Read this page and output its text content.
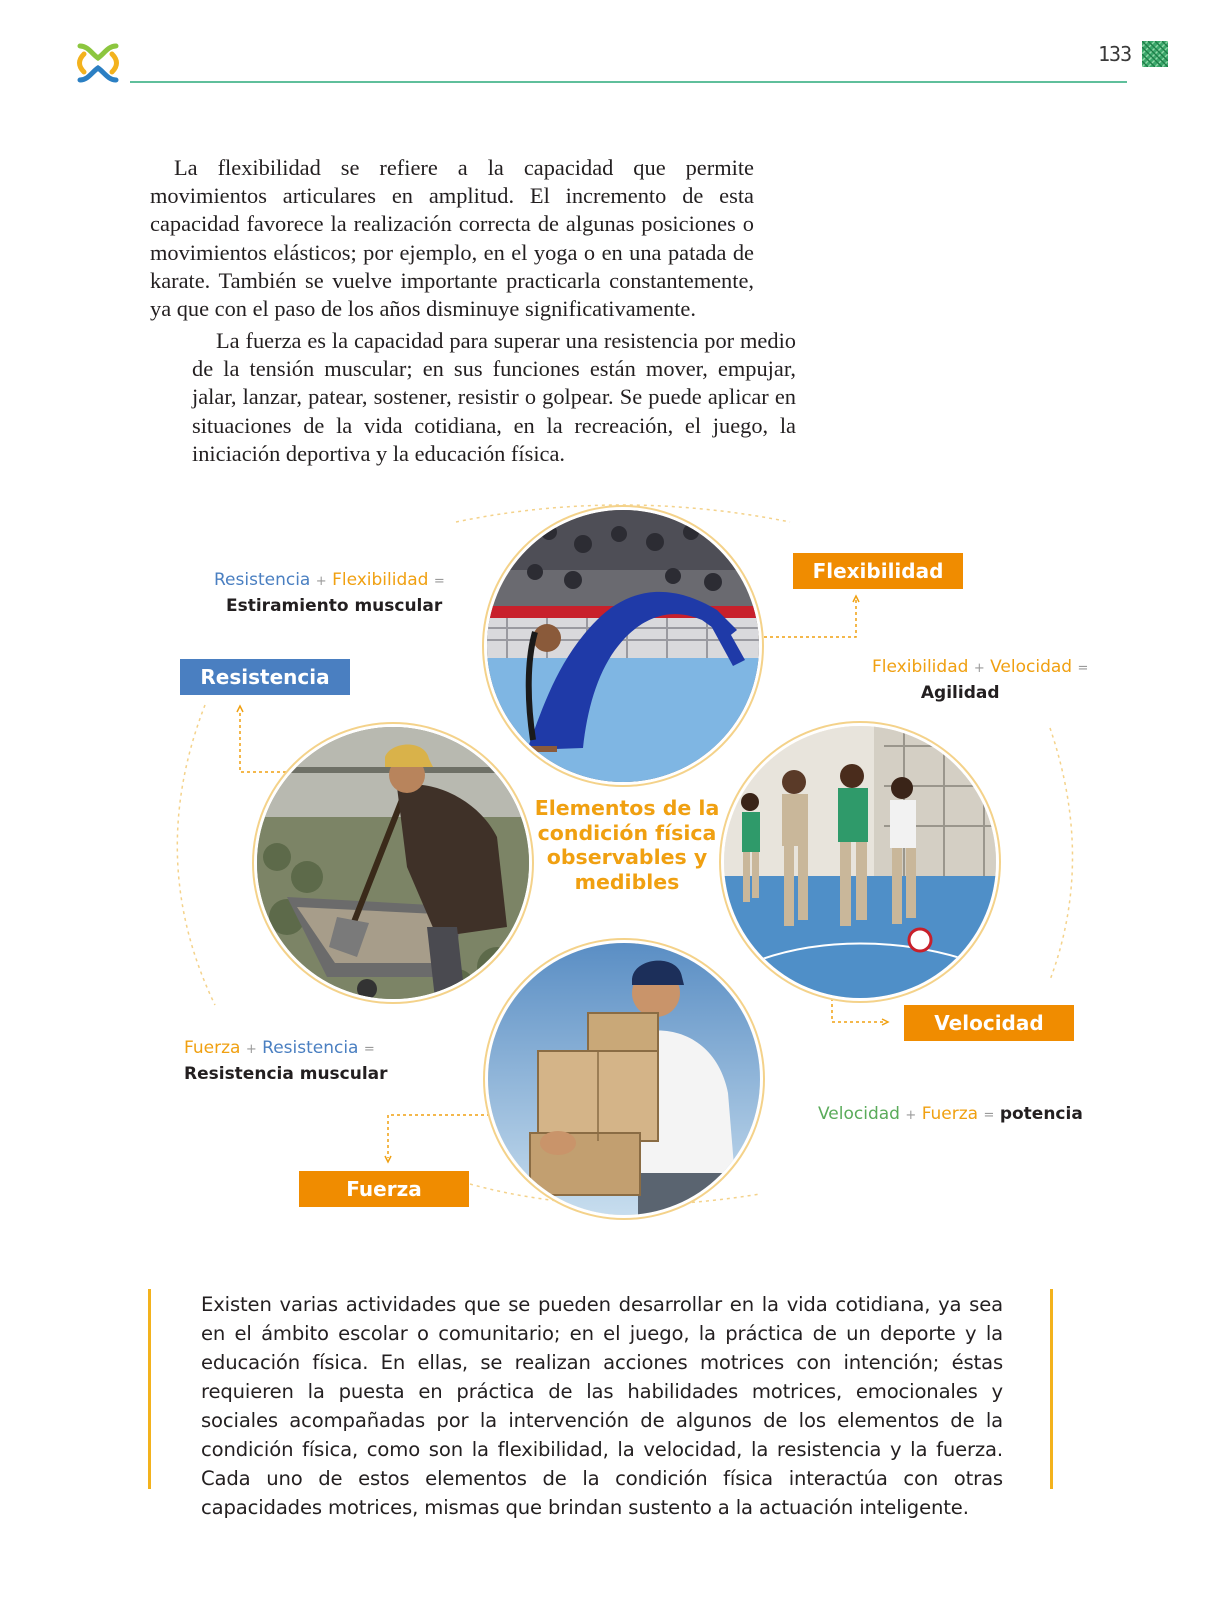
133

La flexibilidad se refiere a la capacidad que permite movimientos articulares en amplitud. El incremento de esta capacidad favorece la realización correcta de algunas posiciones o movimientos elásticos; por ejemplo, en el yoga o en una patada de karate. También se vuelve importante practicarla constantemente, ya que con el paso de los años disminuye significativamente.

La fuerza es la capacidad para superar una resistencia por medio de la tensión muscular; en sus funciones están mover, empujar, jalar, lanzar, patear, sostener, resistir o golpear. Se puede aplicar en situaciones de la vida cotidiana, en la recreación, el juego, la iniciación deportiva y la educación física.

Elementos de la condición física observables y medibles
Flexibilidad
Resistencia
Velocidad
Fuerza
Resistencia + Flexibilidad =
Estiramiento muscular
Flexibilidad + Velocidad =
Agilidad
Fuerza + Resistencia =
Resistencia muscular
Velocidad + Fuerza = potencia

Existen varias actividades que se pueden desarrollar en la vida cotidiana, ya sea en el ámbito escolar o comunitario; en el juego, la práctica de un deporte y la educación física. En ellas, se realizan acciones motrices con intención; éstas requieren la puesta en práctica de las habilidades motrices, emocionales y sociales acompañadas por la intervención de algunos de los elementos de la condición física, como son la flexibilidad, la velocidad, la resistencia y la fuerza. Cada uno de estos elementos de la condición física interactúa con otras capacidades motrices, mismas que brindan sustento a la actuación inteligente.
